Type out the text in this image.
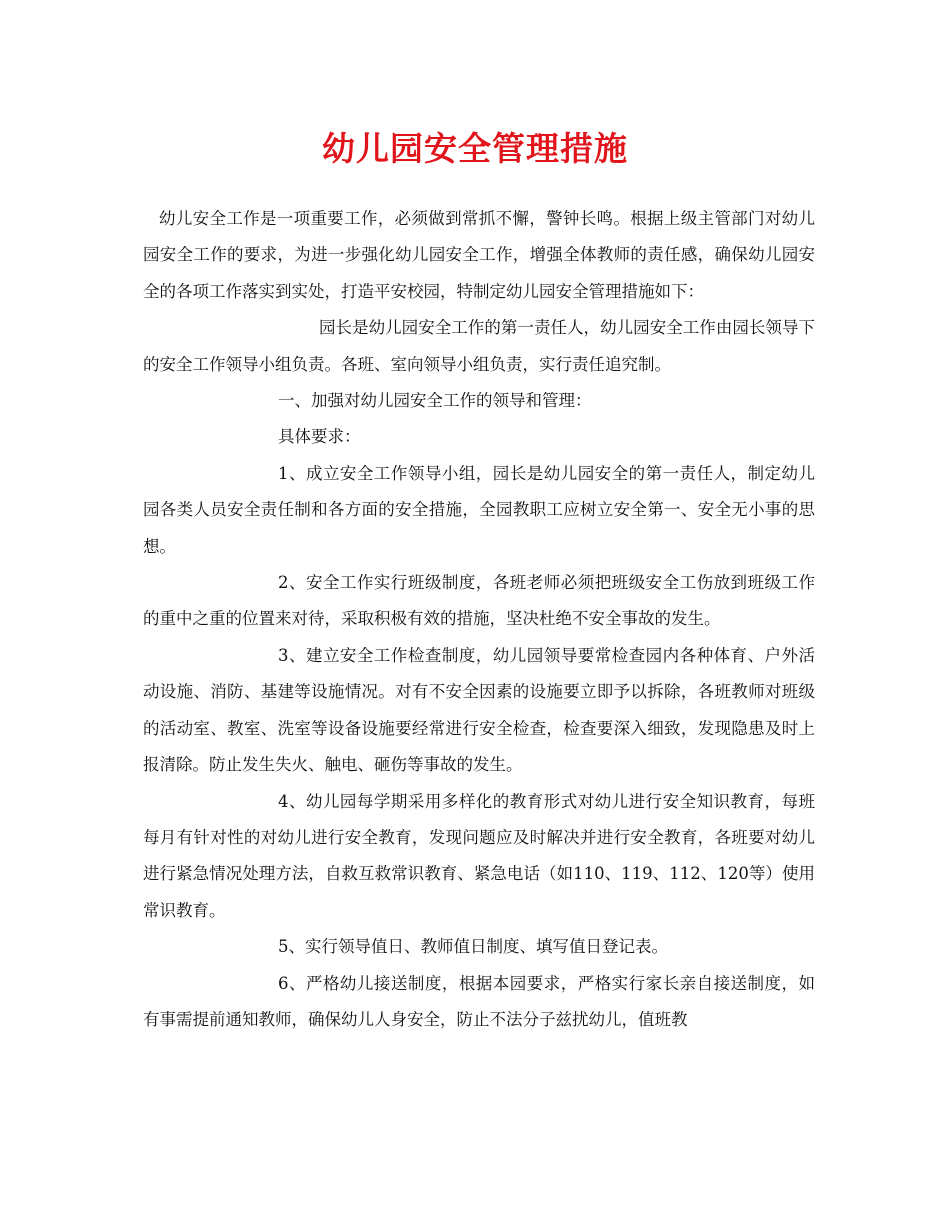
幼儿园安全管理措施

幼儿安全工作是一项重要工作，必须做到常抓不懈，警钟长鸣。根据上级主管部门对幼儿园安全工作的要求，为进一步强化幼儿园安全工作，增强全体教师的责任感，确保幼儿园安全的各项工作落实到实处，打造平安校园，特制定幼儿园安全管理措施如下：

园长是幼儿园安全工作的第一责任人，幼儿园安全工作由园长领导下的安全工作领导小组负责。各班、室向领导小组负责，实行责任追究制。

一、加强对幼儿园安全工作的领导和管理：

具体要求：

1、成立安全工作领导小组，园长是幼儿园安全的第一责任人，制定幼儿园各类人员安全责任制和各方面的安全措施，全园教职工应树立安全第一、安全无小事的思想。

2、安全工作实行班级制度，各班老师必须把班级安全工伤放到班级工作的重中之重的位置来对待，采取积极有效的措施，坚决杜绝不安全事故的发生。

3、建立安全工作检查制度，幼儿园领导要常检查园内各种体育、户外活动设施、消防、基建等设施情况。对有不安全因素的设施要立即予以拆除，各班教师对班级的活动室、教室、洗室等设备设施要经常进行安全检查，检查要深入细致，发现隐患及时上报清除。防止发生失火、触电、砸伤等事故的发生。

4、幼儿园每学期采用多样化的教育形式对幼儿进行安全知识教育，每班每月有针对性的对幼儿进行安全教育，发现问题应及时解决并进行安全教育，各班要对幼儿进行紧急情况处理方法，自救互救常识教育、紧急电话（如110、119、112、120等）使用常识教育。

5、实行领导值日、教师值日制度、填写值日登记表。

6、严格幼儿接送制度，根据本园要求，严格实行家长亲自接送制度，如有事需提前通知教师，确保幼儿人身安全，防止不法分子兹扰幼儿，值班教
